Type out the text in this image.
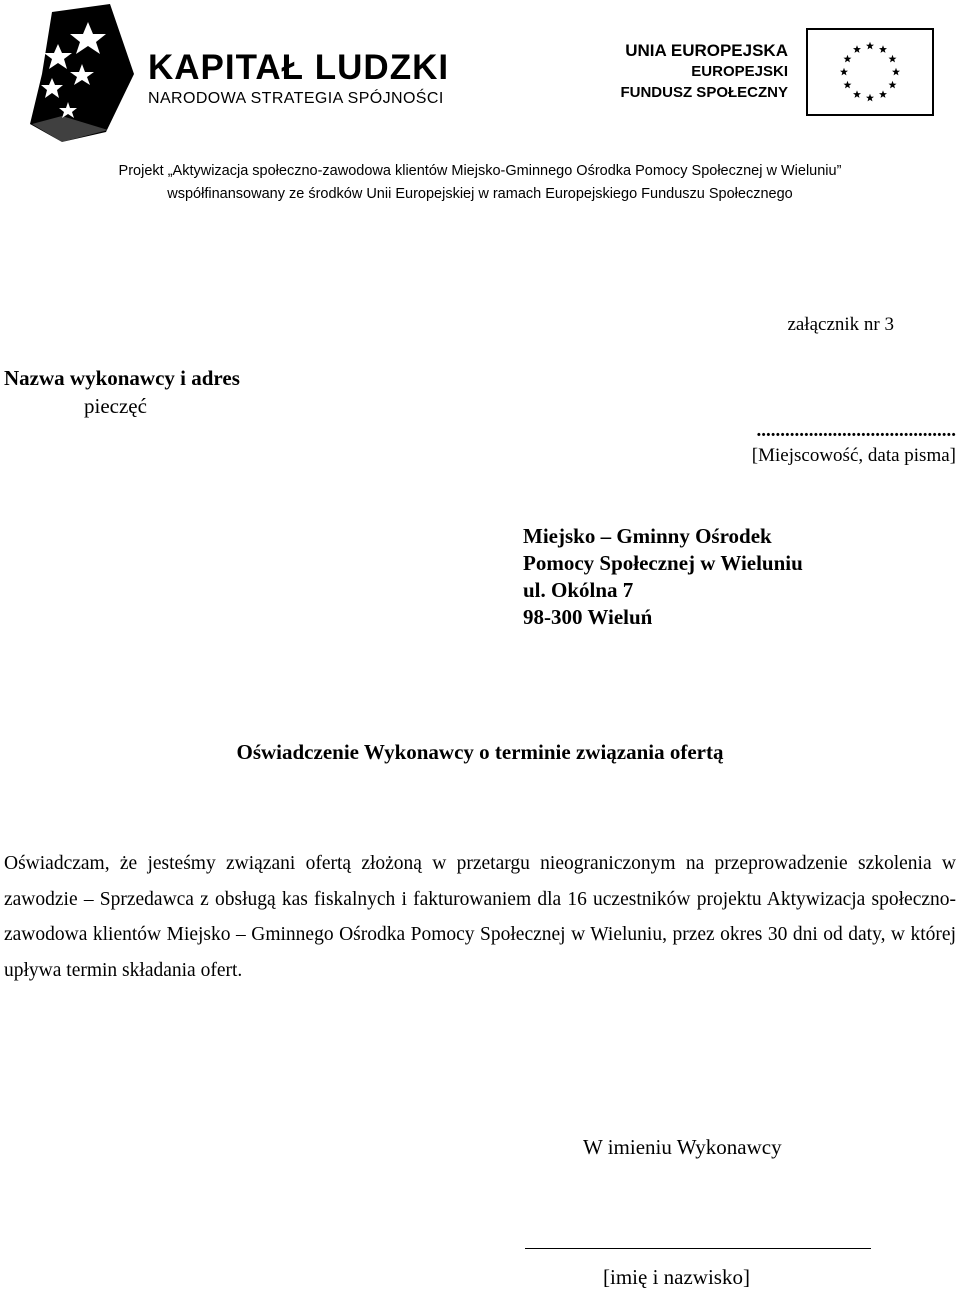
KAPITAŁ LUDZKI
NARODOWA STRATEGIA SPÓJNOŚCI
UNIA EUROPEJSKA
EUROPEJSKI
FUNDUSZ SPOŁECZNY
Projekt „Aktywizacja społeczno-zawodowa klientów Miejsko-Gminnego Ośrodka Pomocy Społecznej w Wieluniu”
współfinansowany ze środków Unii Europejskiej w ramach Europejskiego Funduszu Społecznego
załącznik nr 3
Nazwa wykonawcy i adres
pieczęć
..........................................
[Miejscowość, data pisma]
Miejsko – Gminny Ośrodek
Pomocy Społecznej w Wieluniu
ul. Okólna 7
98-300 Wieluń
Oświadczenie Wykonawcy o terminie związania ofertą
Oświadczam, że jesteśmy związani ofertą złożoną w przetargu nieograniczonym na przeprowadzenie szkolenia w zawodzie – Sprzedawca z obsługą kas fiskalnych i fakturowaniem dla 16 uczestników projektu Aktywizacja społeczno-zawodowa klientów Miejsko – Gminnego Ośrodka Pomocy Społecznej w Wieluniu, przez okres 30 dni od daty, w której upływa termin składania ofert.
W imieniu Wykonawcy
[imię i nazwisko]
